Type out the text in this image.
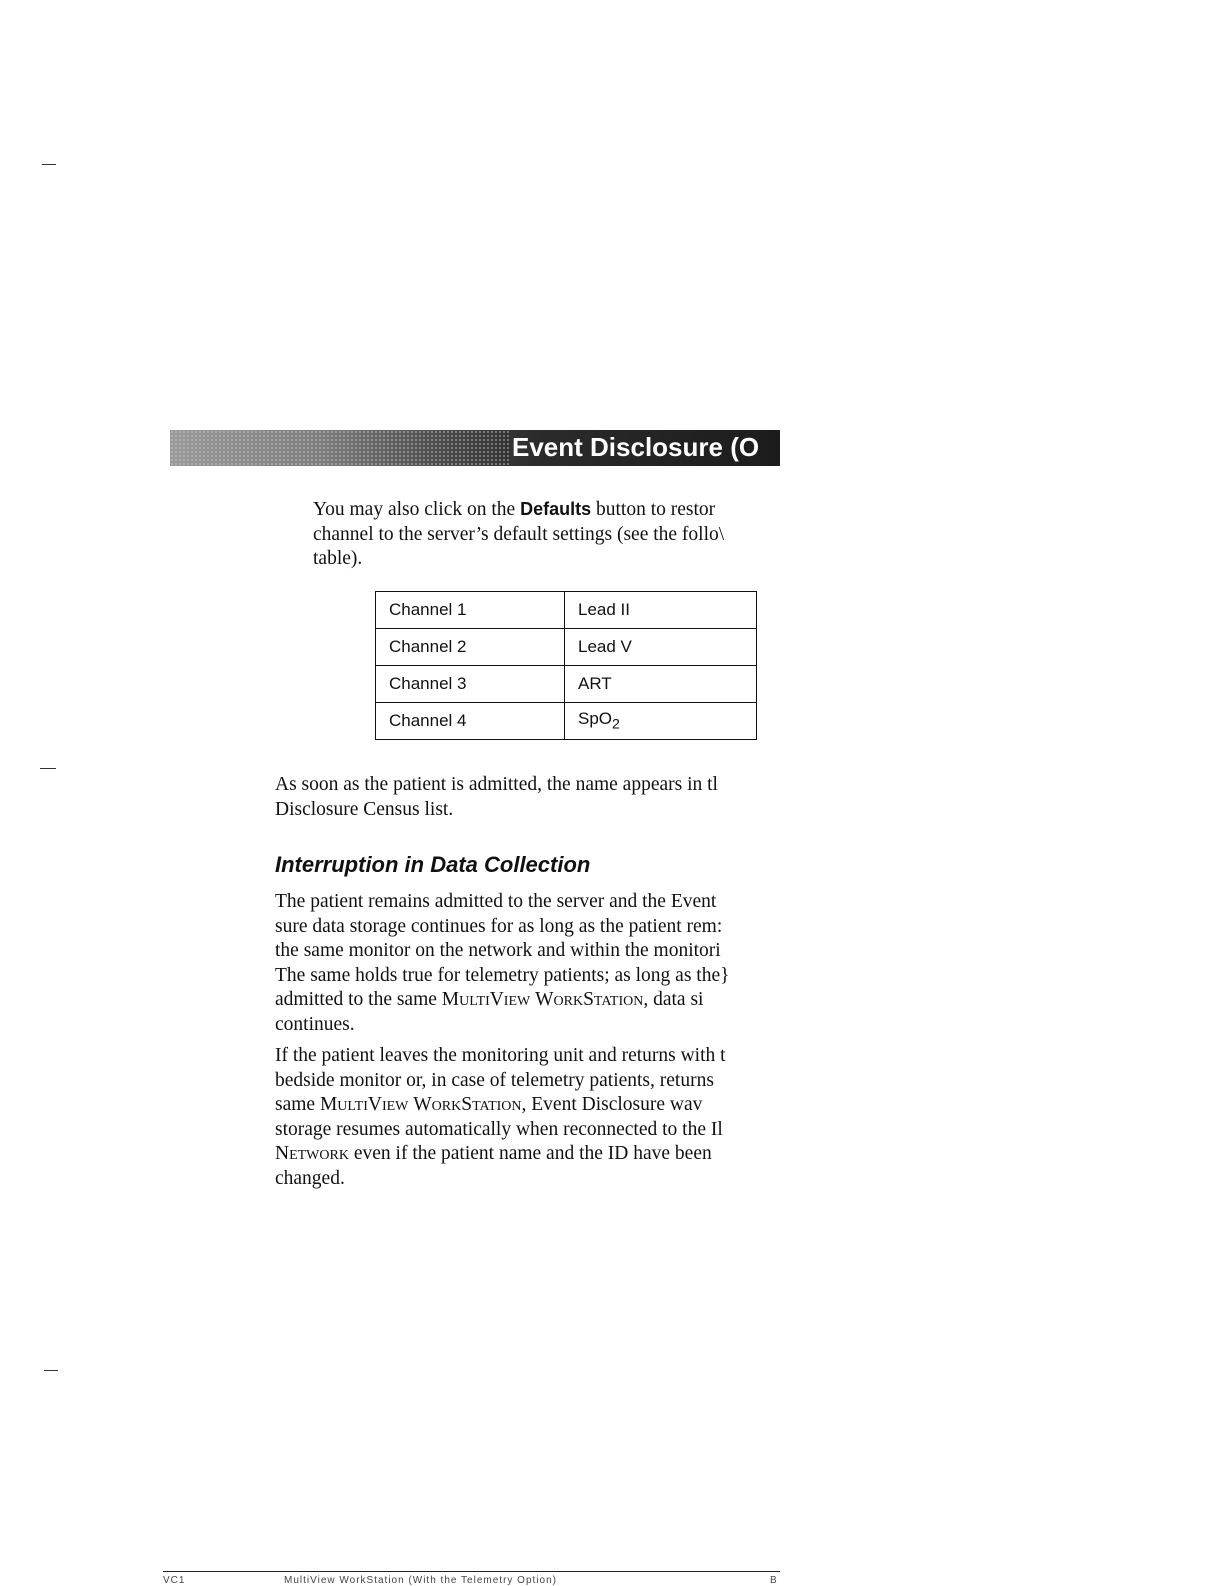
Event Disclosure (O
You may also click on the Defaults button to restor
channel to the server’s default settings (see the follo\
table).
Channel 1	Lead II
Channel 2	Lead V
Channel 3	ART
Channel 4	SpO$_2$
As soon as the patient is admitted, the name appears in tl
Disclosure Census list.
Interruption in Data Collection
The patient remains admitted to the server and the Event
sure data storage continues for as long as the patient rem:
the same monitor on the network and within the monitori
The same holds true for telemetry patients; as long as the}
admitted to the same MultiView WorkStation, data si
continues.
If the patient leaves the monitoring unit and returns with t
bedside monitor or, in case of telemetry patients, returns
same MultiView WorkStation, Event Disclosure wav
storage resumes automatically when reconnected to the Il
Network even if the patient name and the ID have been
changed.
VC1	MultiView WorkStation (With the Telemetry Option)	B
